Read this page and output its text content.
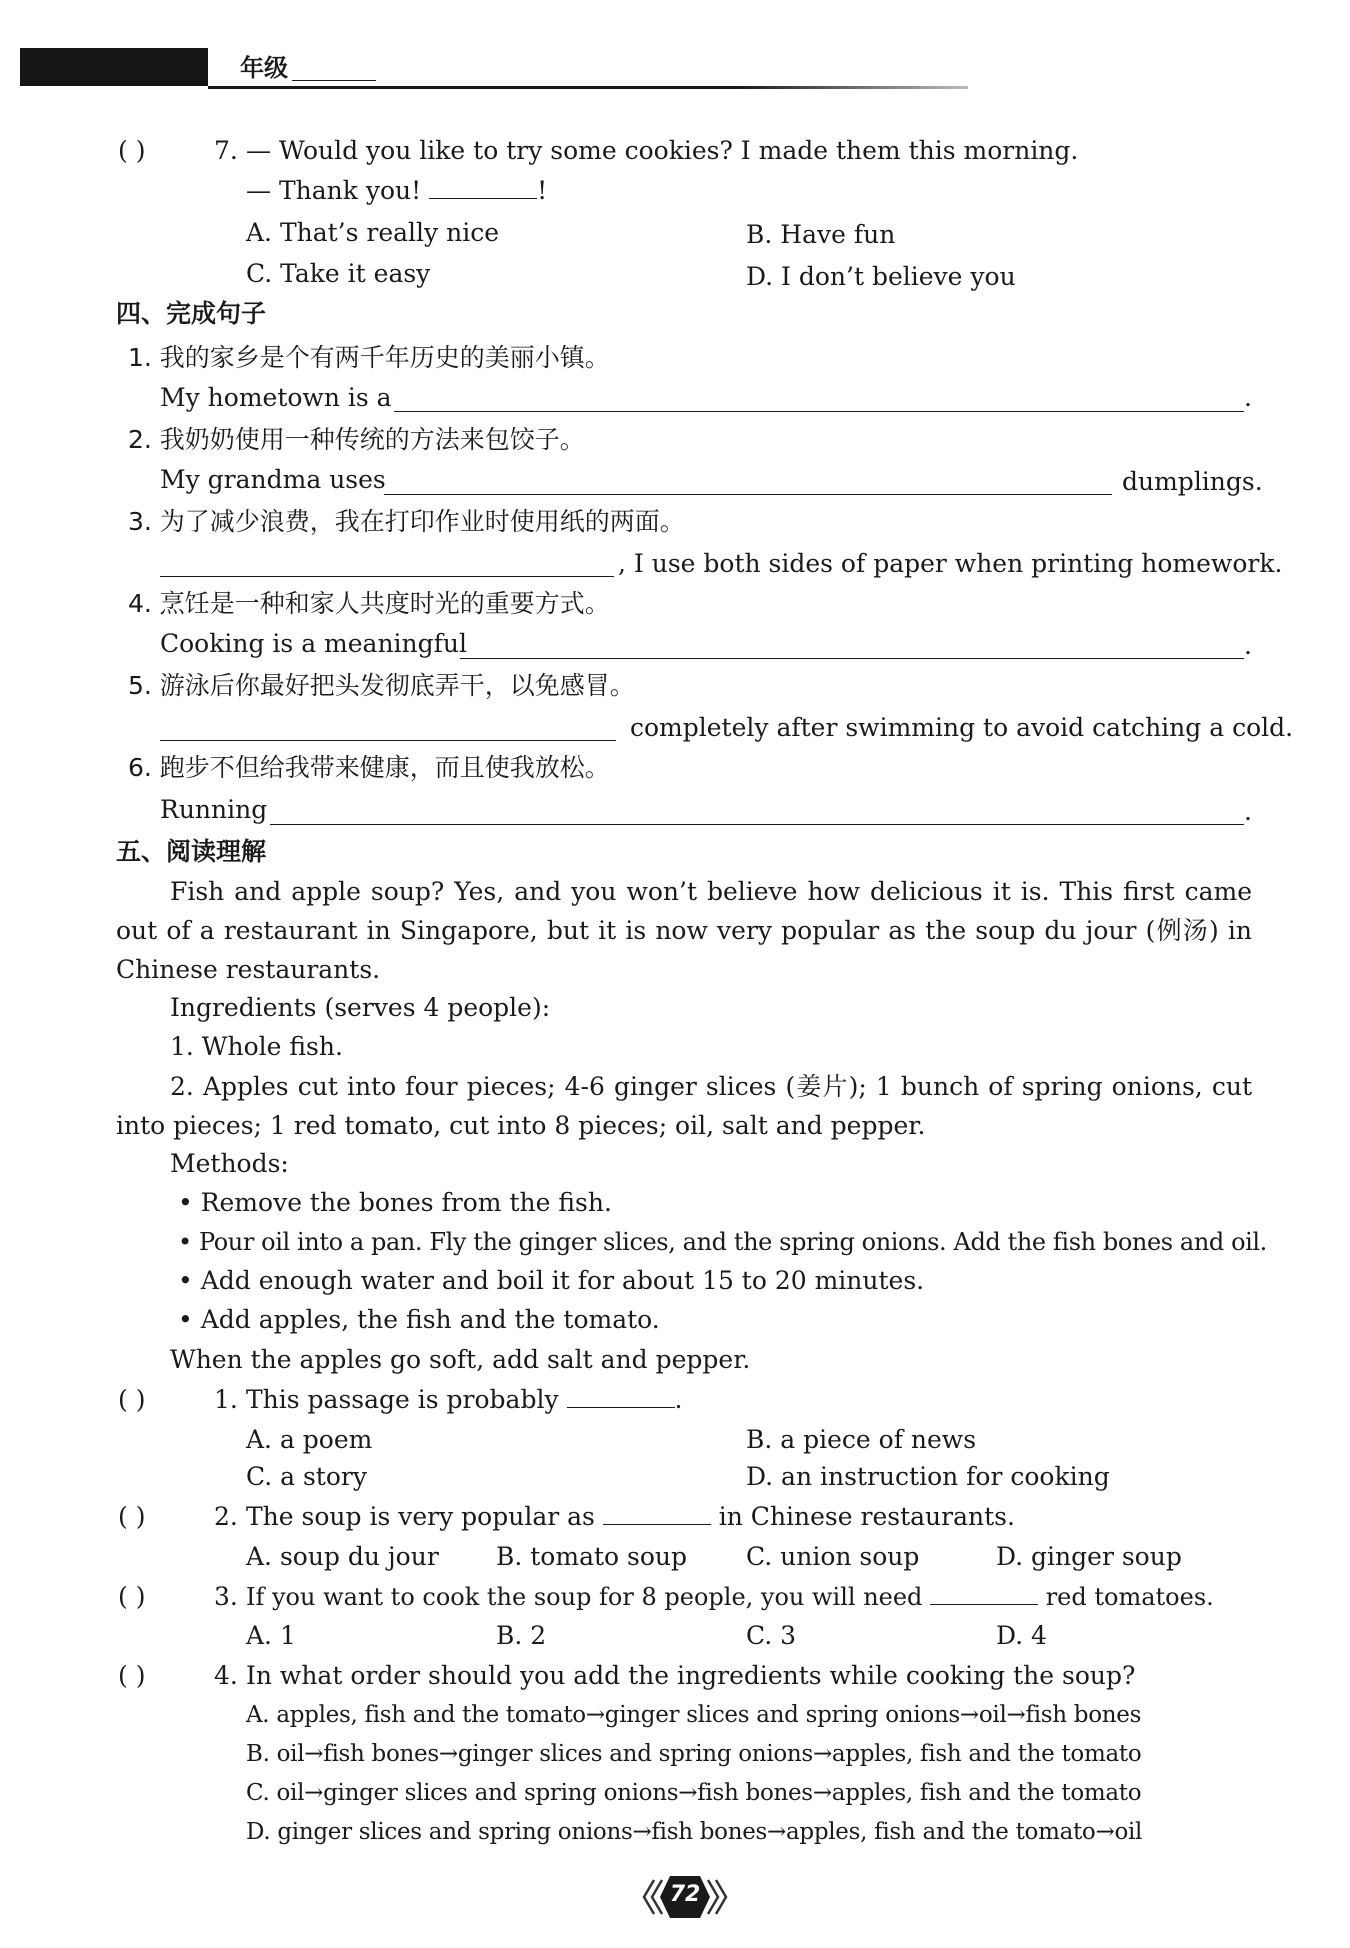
年级
( )	7. — Would you like to try some cookies? I made them this morning.
— Thank you!	!
A. That’s really nice	B. Have fun
C. Take it easy	D. I don’t believe you
四、完成句子
1. 我的家乡是个有两千年历史的美丽小镇。
My hometown is a	.
2. 我奶奶使用一种传统的方法来包饺子。
My grandma uses	dumplings.
3. 为了减少浪费，我在打印作业时使用纸的两面。
, I use both sides of paper when printing homework.
4. 烹饪是一种和家人共度时光的重要方式。
Cooking is a meaningful	.
5. 游泳后你最好把头发彻底弄干，以免感冒。
completely after swimming to avoid catching a cold.
6. 跑步不但给我带来健康，而且使我放松。
Running	.
五、阅读理解
Fish and apple soup? Yes, and you won’t believe how delicious it is. This first came out of a restaurant in Singapore, but it is now very popular as the soup du jour (例汤) in Chinese restaurants.
Ingredients (serves 4 people):
1. Whole fish.
2. Apples cut into four pieces; 4-6 ginger slices (姜片); 1 bunch of spring onions, cut into pieces; 1 red tomato, cut into 8 pieces; oil, salt and pepper.
Methods:
• Remove the bones from the fish.
• Pour oil into a pan. Fly the ginger slices, and the spring onions. Add the fish bones and oil.
• Add enough water and boil it for about 15 to 20 minutes.
• Add apples, the fish and the tomato.
When the apples go soft, add salt and pepper.
( )	1. This passage is probably	.
A. a poem	B. a piece of news
C. a story	D. an instruction for cooking
( )	2. The soup is very popular as	in Chinese restaurants.
A. soup du jour B. tomato soup C. union soup	D. ginger soup
( )	3. If you want to cook the soup for 8 people, you will need	red tomatoes.
A. 1	B. 2	C. 3	D. 4
( )	4. In what order should you add the ingredients while cooking the soup?
A. apples, fish and the tomato→ginger slices and spring onions→oil→fish bones
B. oil→fish bones→ginger slices and spring onions→apples, fish and the tomato
C. oil→ginger slices and spring onions→fish bones→apples, fish and the tomato
D. ginger slices and spring onions→fish bones→apples, fish and the tomato→oil
72
